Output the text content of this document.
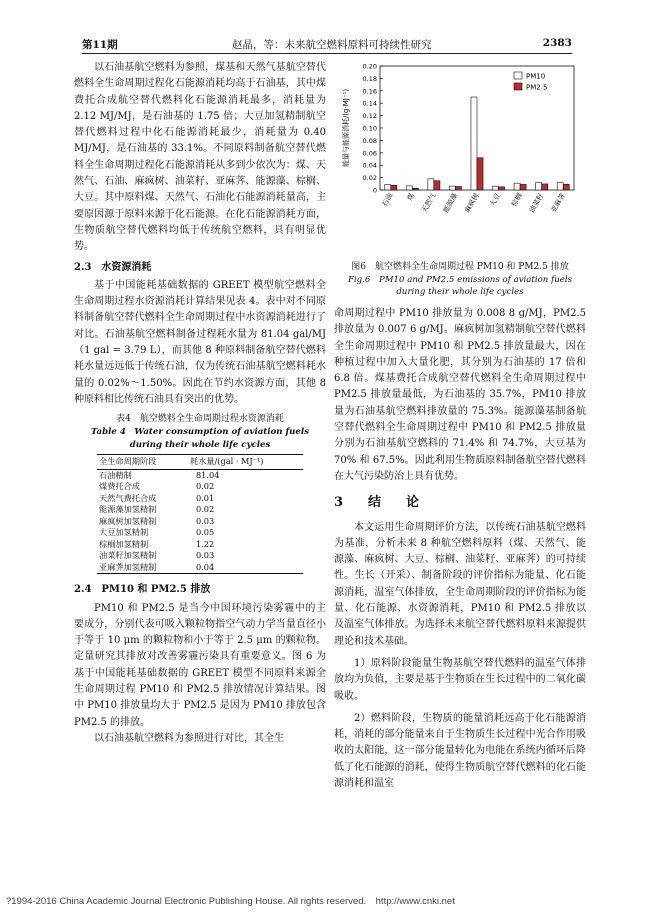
第11期	赵晶，等：未来航空燃料原料可持续性研究	2383

以石油基航空燃料为参照，煤基和天然气基航空替代燃料全生命周期过程化石能源消耗均高于石油基，其中煤费托合成航空替代燃料化石能源消耗最多，消耗量为 2.12 MJ/MJ，是石油基的 1.75 倍；大豆加氢精制航空替代燃料过程中化石能源消耗最少，消耗量为 0.40 MJ/MJ，是石油基的 33.1%。不同原料制备航空替代燃料全生命周期过程化石能源消耗从多到少依次为：煤、天然气、石油、麻疯树、油菜籽、亚麻荠、能源藻、棕榈、大豆。其中原料煤、天然气、石油化石能源消耗量高，主要原因源于原料来源于化石能源。在化石能源消耗方面，生物质航空替代燃料均低于传统航空燃料，具有明显优势。

2.3　水资源消耗

基于中国能耗基础数据的 GREET 模型航空燃料全生命周期过程水资源消耗计算结果见表 4。表中对不同原料制备航空替代燃料全生命周期过程中水资源消耗进行了对比。石油基航空燃料制备过程耗水量为 81.04 gal/MJ（1 gal = 3.79 L），而其他 8 种原料制备航空替代燃料耗水量远远低于传统石油，仅为传统石油基航空燃料耗水量的 0.02%～1.50%。因此在节约水资源方面，其他 8 种原料相比传统石油具有突出的优势。

表4　航空燃料全生命周期过程水资源消耗
Table 4　Water consumption of aviation fuels
during their whole life cycles
全生命周期阶段	耗水量/(gal · MJ⁻¹)
石油精制	81.04
煤费托合成	0.02
天然气费托合成	0.01
能源藻加氢精制	0.02
麻疯树加氢精制	0.03
大豆加氢精制	0.05
棕榈加氢精制	1.22
油菜籽加氢精制	0.03
亚麻荠加氢精制	0.04

2.4　PM10 和 PM2.5 排放

PM10 和 PM2.5 是当今中国环境污染雾霾中的主要成分，分别代表可吸入颗粒物指空气动力学当量直径小于等于 10 μm 的颗粒物和小于等于 2.5 μm 的颗粒物。定量研究其排放对改善雾霾污染具有重要意义。图 6 为基于中国能耗基础数据的 GREET 模型不同原料来源全生命周期过程 PM10 和 PM2.5 排放情况计算结果。图中 PM10 排放量均大于 PM2.5 是因为 PM10 排放包含 PM2.5 的排放。

以石油基航空燃料为参照进行对比，其全生

0
0.02
0.04
0.06
0.08
0.10
0.12
0.14
0.16
0.18
0.20
能量与能源消耗/(g·MJ⁻¹)
石油 煤 天然气 能源藻 麻疯树 大豆 棕榈 油菜籽 亚麻荠
PM10
PM2.5
图6　航空燃料全生命周期过程 PM10 和 PM2.5 排放
Fig.6　PM10 and PM2.5 emissions of aviation fuels
during their whole life cycles

命周期过程中 PM10 排放量为 0.008 8 g/MJ，PM2.5 排放量为 0.007 6 g/MJ。麻疯树加氢精制航空替代燃料全生命周期过程中 PM10 和 PM2.5 排放量最大，因在种植过程中加入大量化肥，其分别为石油基的 17 倍和 6.8 倍。煤基费托合成航空替代燃料全生命周期过程中 PM2.5 排放量最低，为石油基的 35.7%，PM10 排放量为石油基航空燃料排放量的 75.3%。能源藻基制备航空替代燃料全生命周期过程中 PM10 和 PM2.5 排放量分别为石油基航空燃料的 71.4% 和 74.7%，大豆基为 70% 和 67.5%。因此利用生物质原料制备航空替代燃料在大气污染防治上具有优势。

3　结　论

本文运用生命周期评价方法，以传统石油基航空燃料为基准，分析未来 8 种航空燃料原料（煤、天然气、能源藻、麻疯树、大豆、棕榈、油菜籽、亚麻荠）的可持续性。生长（开采）、制备阶段的评价指标为能量、化石能源消耗，温室气体排放，全生命周期阶段的评价指标为能量、化石能源、水资源消耗，PM10 和 PM2.5 排放以及温室气体排放。为选择未来航空替代燃料原料来源提供理论和技术基础。

1）原料阶段能量生物基航空替代燃料的温室气体排放均为负值，主要是基于生物质在生长过程中的二氧化碳吸收。

2）燃料阶段，生物质的能量消耗远高于化石能源消耗，消耗的部分能量来自于生物质生长过程中光合作用吸收的太阳能，这一部分能量转化为电能在系统内循环后降低了化石能源的消耗，使得生物质航空替代燃料的化石能源消耗和温室

?1994-2016 China Academic Journal Electronic Publishing House. All rights reserved.　http://www.cnki.net
